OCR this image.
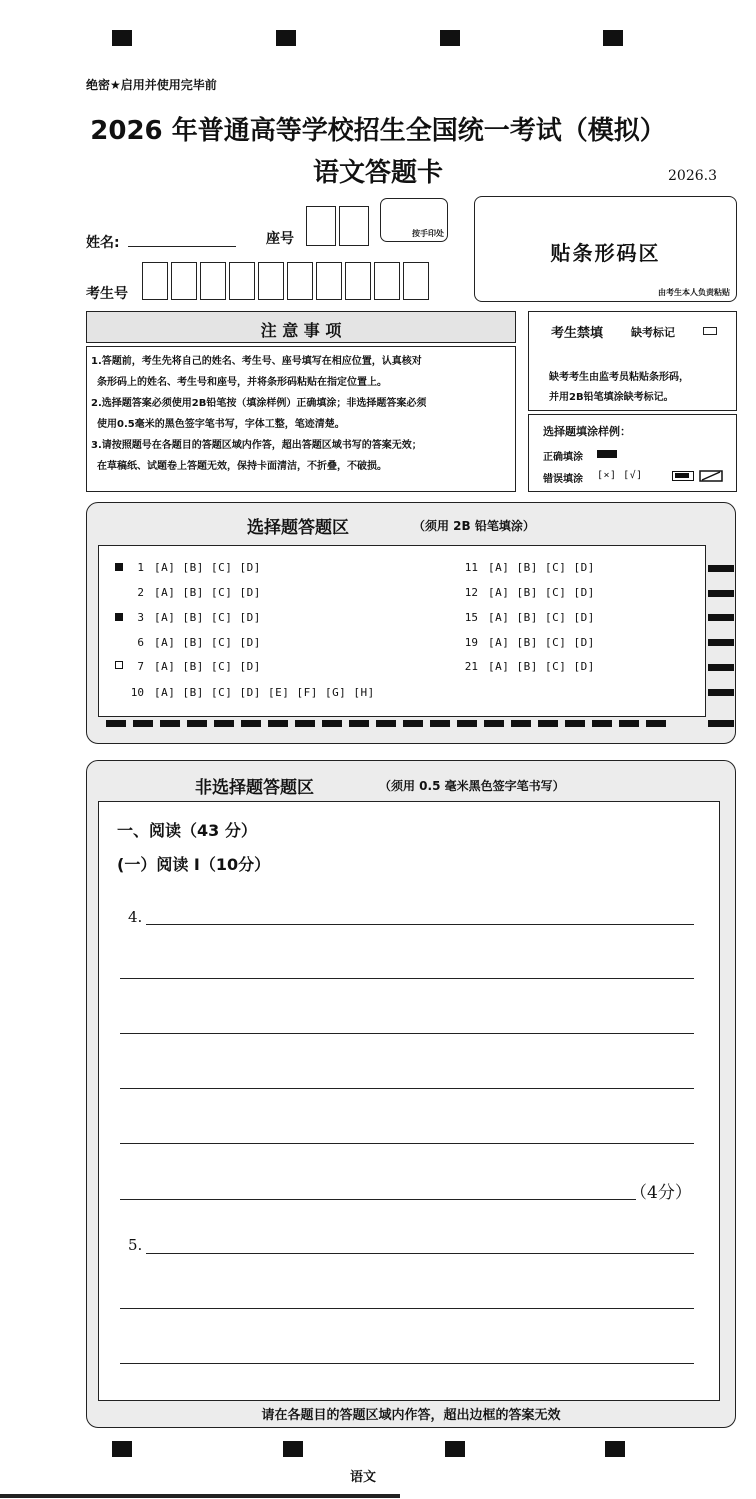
绝密★启用并使用完毕前
2026 年普通高等学校招生全国统一考试（模拟）
语文答题卡	2026.3
姓名:	座号	按手印处
考生号
贴条形码区
由考生本人负责粘贴
注 意 事 项

1.答题前，考生先将自己的姓名、考生号、座号填写在相应位置，认真核对

条形码上的姓名、考生号和座号，并将条形码粘贴在指定位置上。

2.选择题答案必须使用2B铅笔按（填涂样例）正确填涂；非选择题答案必须

使用0.5毫米的黑色签字笔书写，字体工整，笔迹清楚。

3.请按照题号在各题目的答题区域内作答，超出答题区域书写的答案无效；

在草稿纸、试题卷上答题无效，保持卡面清洁，不折叠，不破损。

考生禁填	缺考标记
缺考考生由监考员粘贴条形码，
并用2B铅笔填涂缺考标记。
选择题填涂样例：
正确填涂
错误填涂 [×] [√]
选择题答题区	（须用 2B 铅笔填涂）
1 [A] [B] [C] [D]
2 [A] [B] [C] [D]
3 [A] [B] [C] [D]
6 [A] [B] [C] [D]
7 [A] [B] [C] [D]
10 [A] [B] [C] [D] [E] [F] [G] [H]
11 [A] [B] [C] [D]
12 [A] [B] [C] [D]
15 [A] [B] [C] [D]
19 [A] [B] [C] [D]
21 [A] [B] [C] [D]
非选择题答题区	（须用 0.5 毫米黑色签字笔书写）
请在各题目的答题区域内作答，超出边框的答案无效
一、阅读（43 分）
(一）阅读 I（10分）
4.
（4分）
5.
语文
